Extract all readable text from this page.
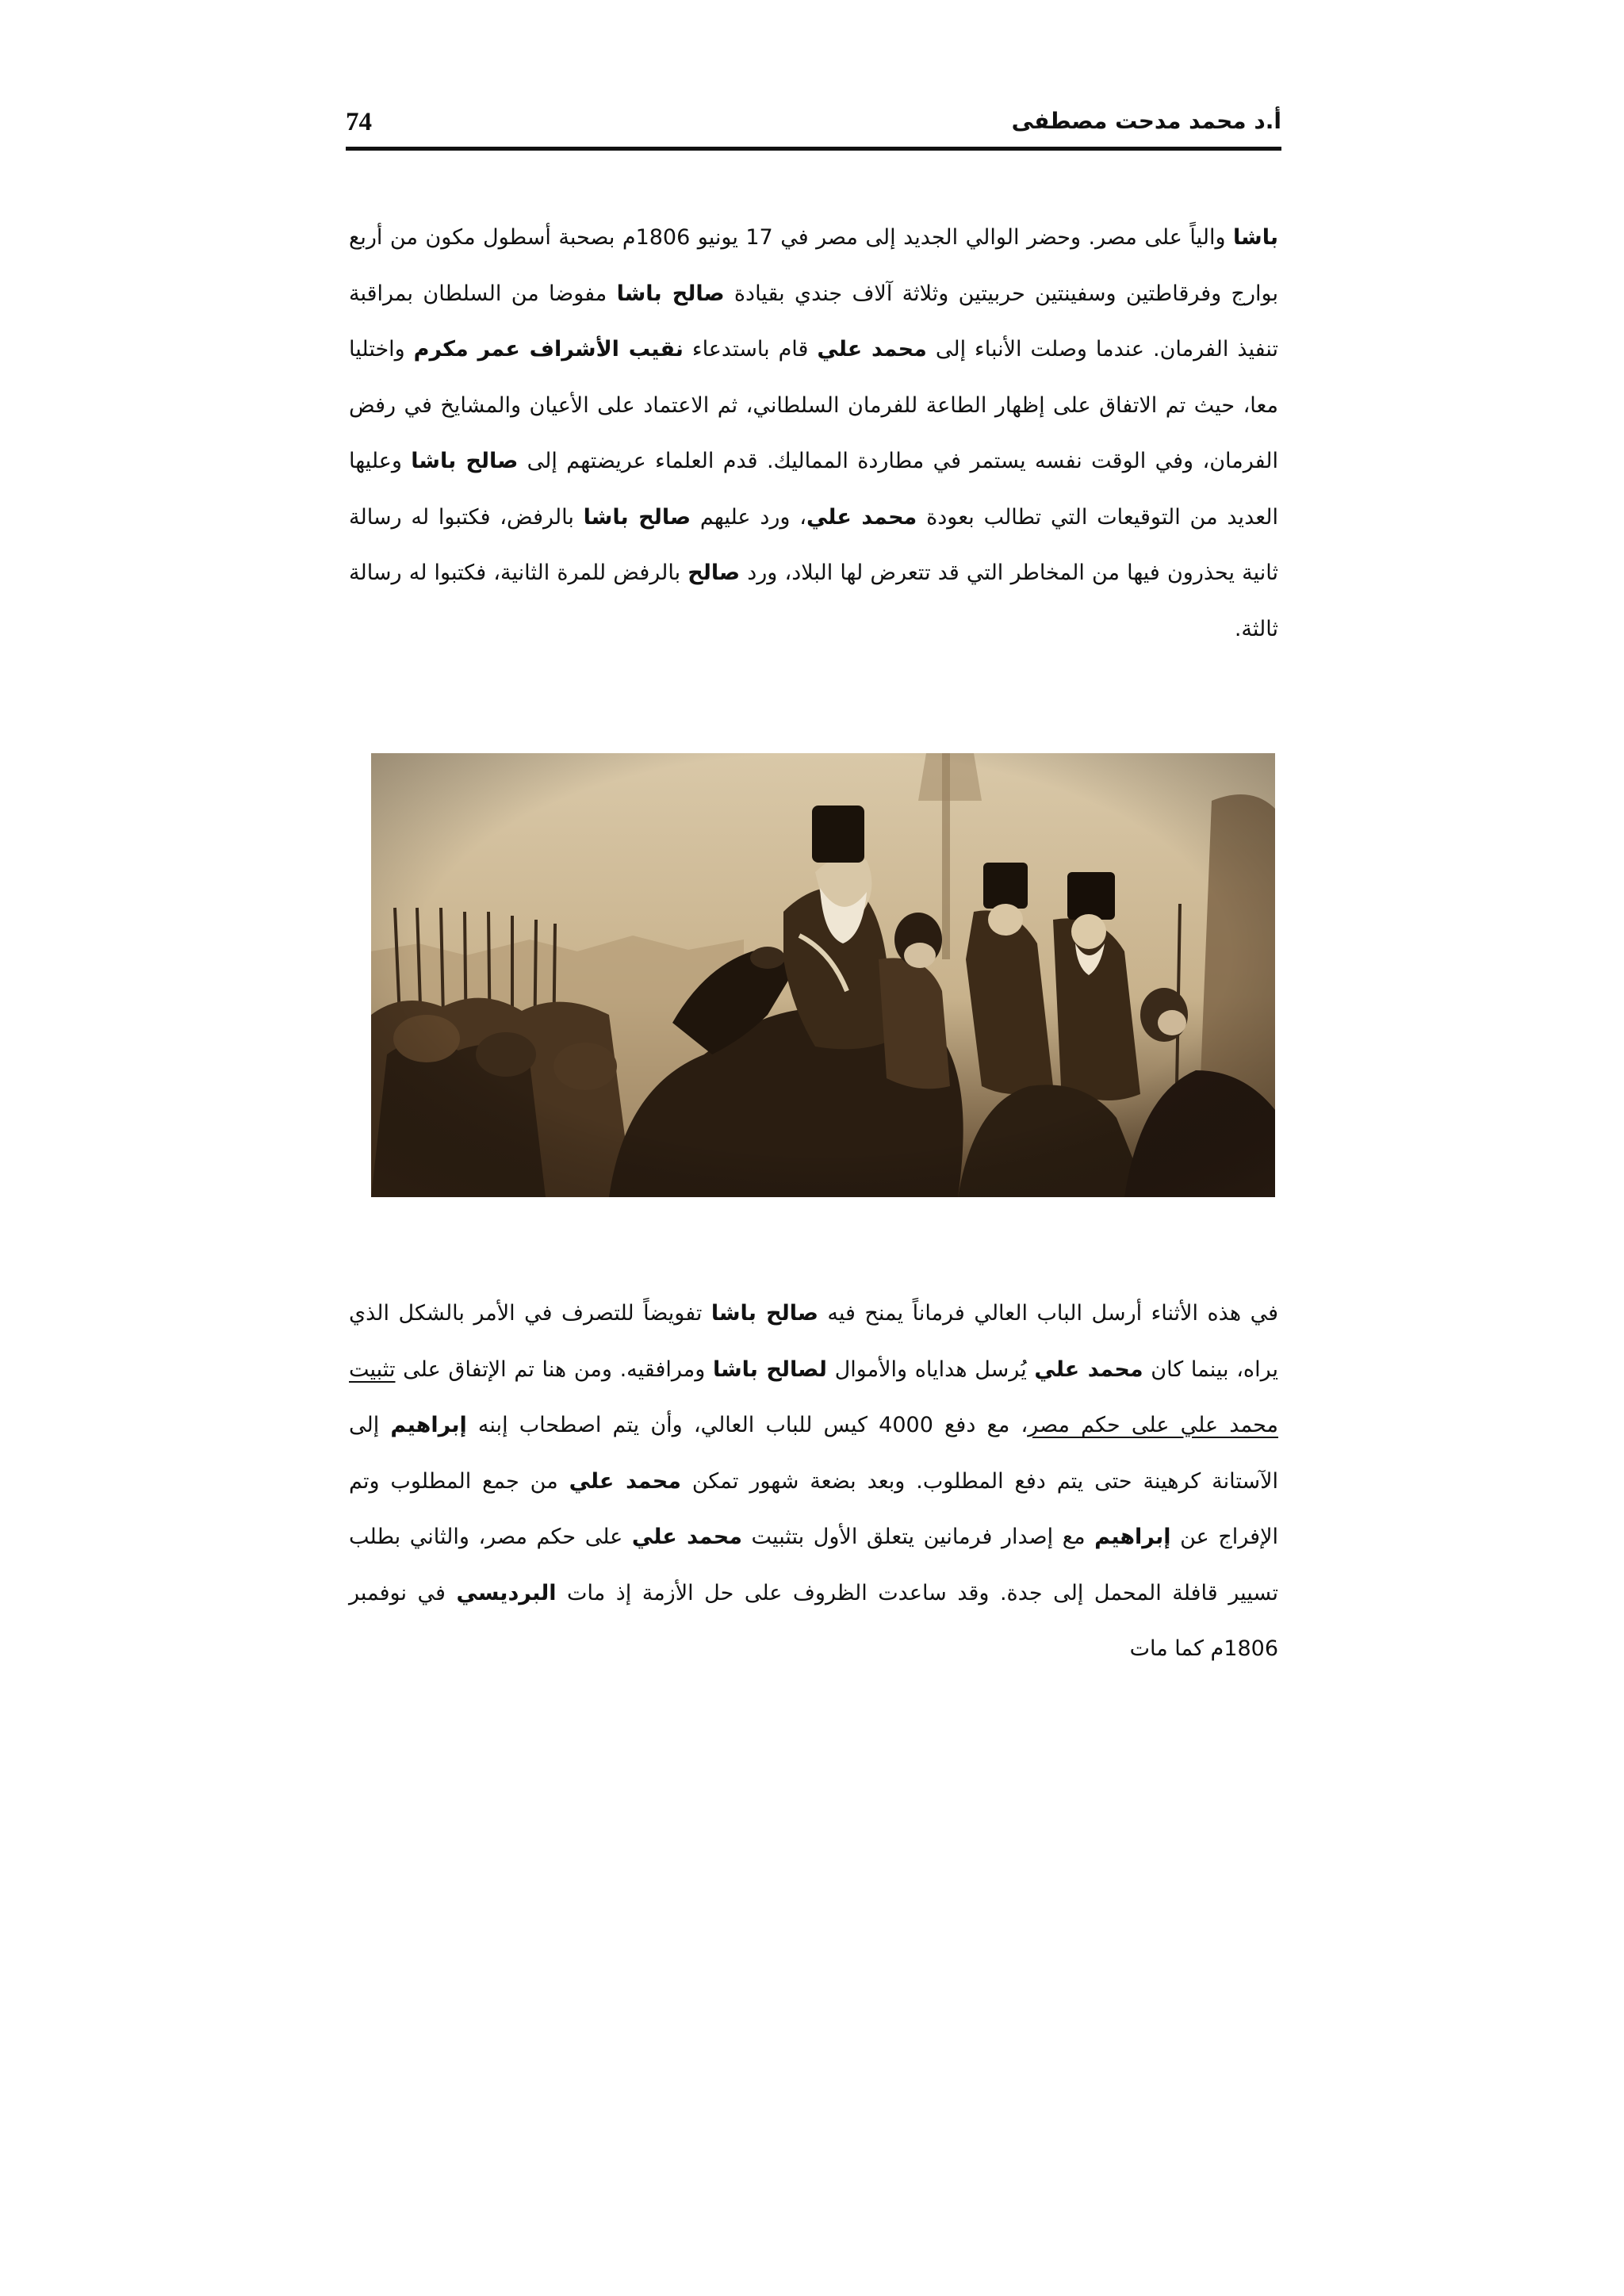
74	أ.د محمد مدحت مصطفى

باشا والياً على مصر. وحضر الوالي الجديد إلى مصر في 17 يونيو 1806م بصحبة أسطول مكون من أربع بوارج وفرقاطتين وسفينتين حربيتين وثلاثة آلاف جندي بقيادة صالح باشا مفوضا من السلطان بمراقبة تنفيذ الفرمان. عندما وصلت الأنباء إلى محمد علي قام باستدعاء نقيب الأشراف عمر مكرم واختليا معا، حيث تم الاتفاق على إظهار الطاعة للفرمان السلطاني، ثم الاعتماد على الأعيان والمشايخ في رفض الفرمان، وفي الوقت نفسه يستمر في مطاردة المماليك. قدم العلماء عريضتهم إلى صالح باشا وعليها العديد من التوقيعات التي تطالب بعودة محمد علي، ورد عليهم صالح باشا بالرفض، فكتبوا له رسالة ثانية يحذرون فيها من المخاطر التي قد تتعرض لها البلاد، ورد صالح بالرفض للمرة الثانية، فكتبوا له رسالة ثالثة.

في هذه الأثناء أرسل الباب العالي فرماناً يمنح فيه صالح باشا تفويضاً للتصرف في الأمر بالشكل الذي يراه، بينما كان محمد علي يُرسل هداياه والأموال لصالح باشا ومرافقيه. ومن هنا تم الإتفاق على تثبيت محمد علي على حكم مصر، مع دفع 4000 كيس للباب العالي، وأن يتم اصطحاب إبنه إبراهيم إلى الآستانة كرهينة حتى يتم دفع المطلوب. وبعد بضعة شهور تمكن محمد علي من جمع المطلوب وتم الإفراج عن إبراهيم مع إصدار فرمانين يتعلق الأول بتثبيت محمد علي على حكم مصر، والثاني بطلب تسيير قافلة المحمل إلى جدة. وقد ساعدت الظروف على حل الأزمة إذ مات البرديسي في نوفمبر 1806م كما مات
